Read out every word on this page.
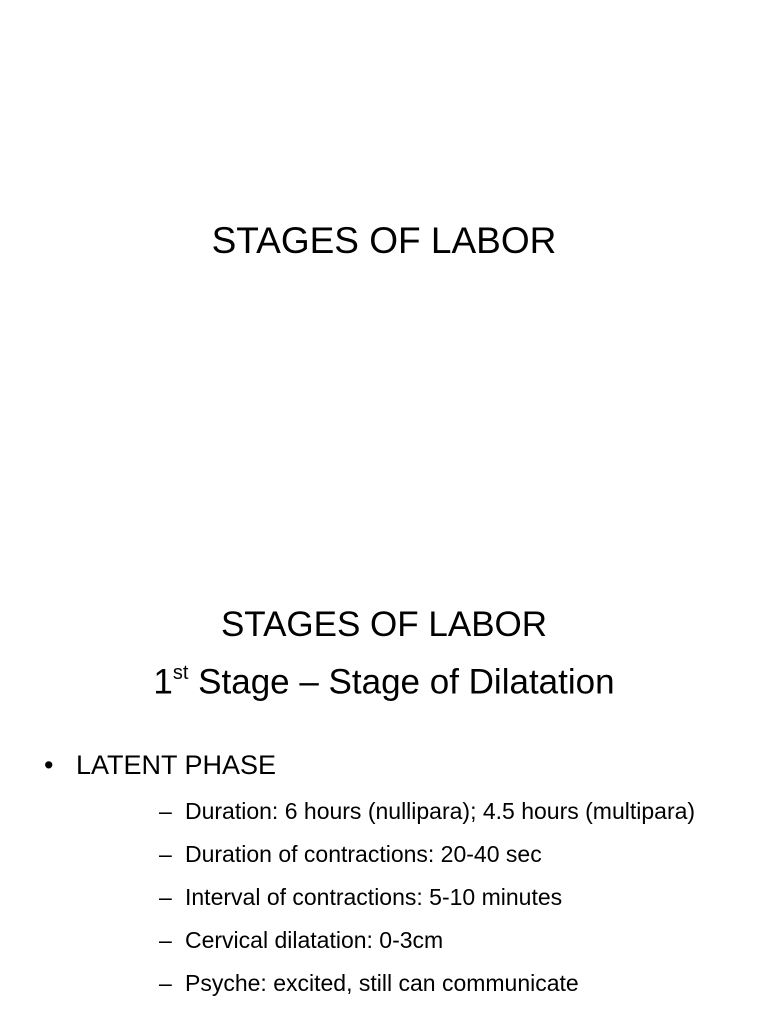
STAGES OF LABOR
STAGES OF LABOR
1st Stage – Stage of Dilatation
• LATENT PHASE
– Duration: 6 hours (nullipara); 4.5 hours (multipara)
– Duration of contractions: 20-40 sec
– Interval of contractions: 5-10 minutes
– Cervical dilatation: 0-3cm
– Psyche: excited, still can communicate
